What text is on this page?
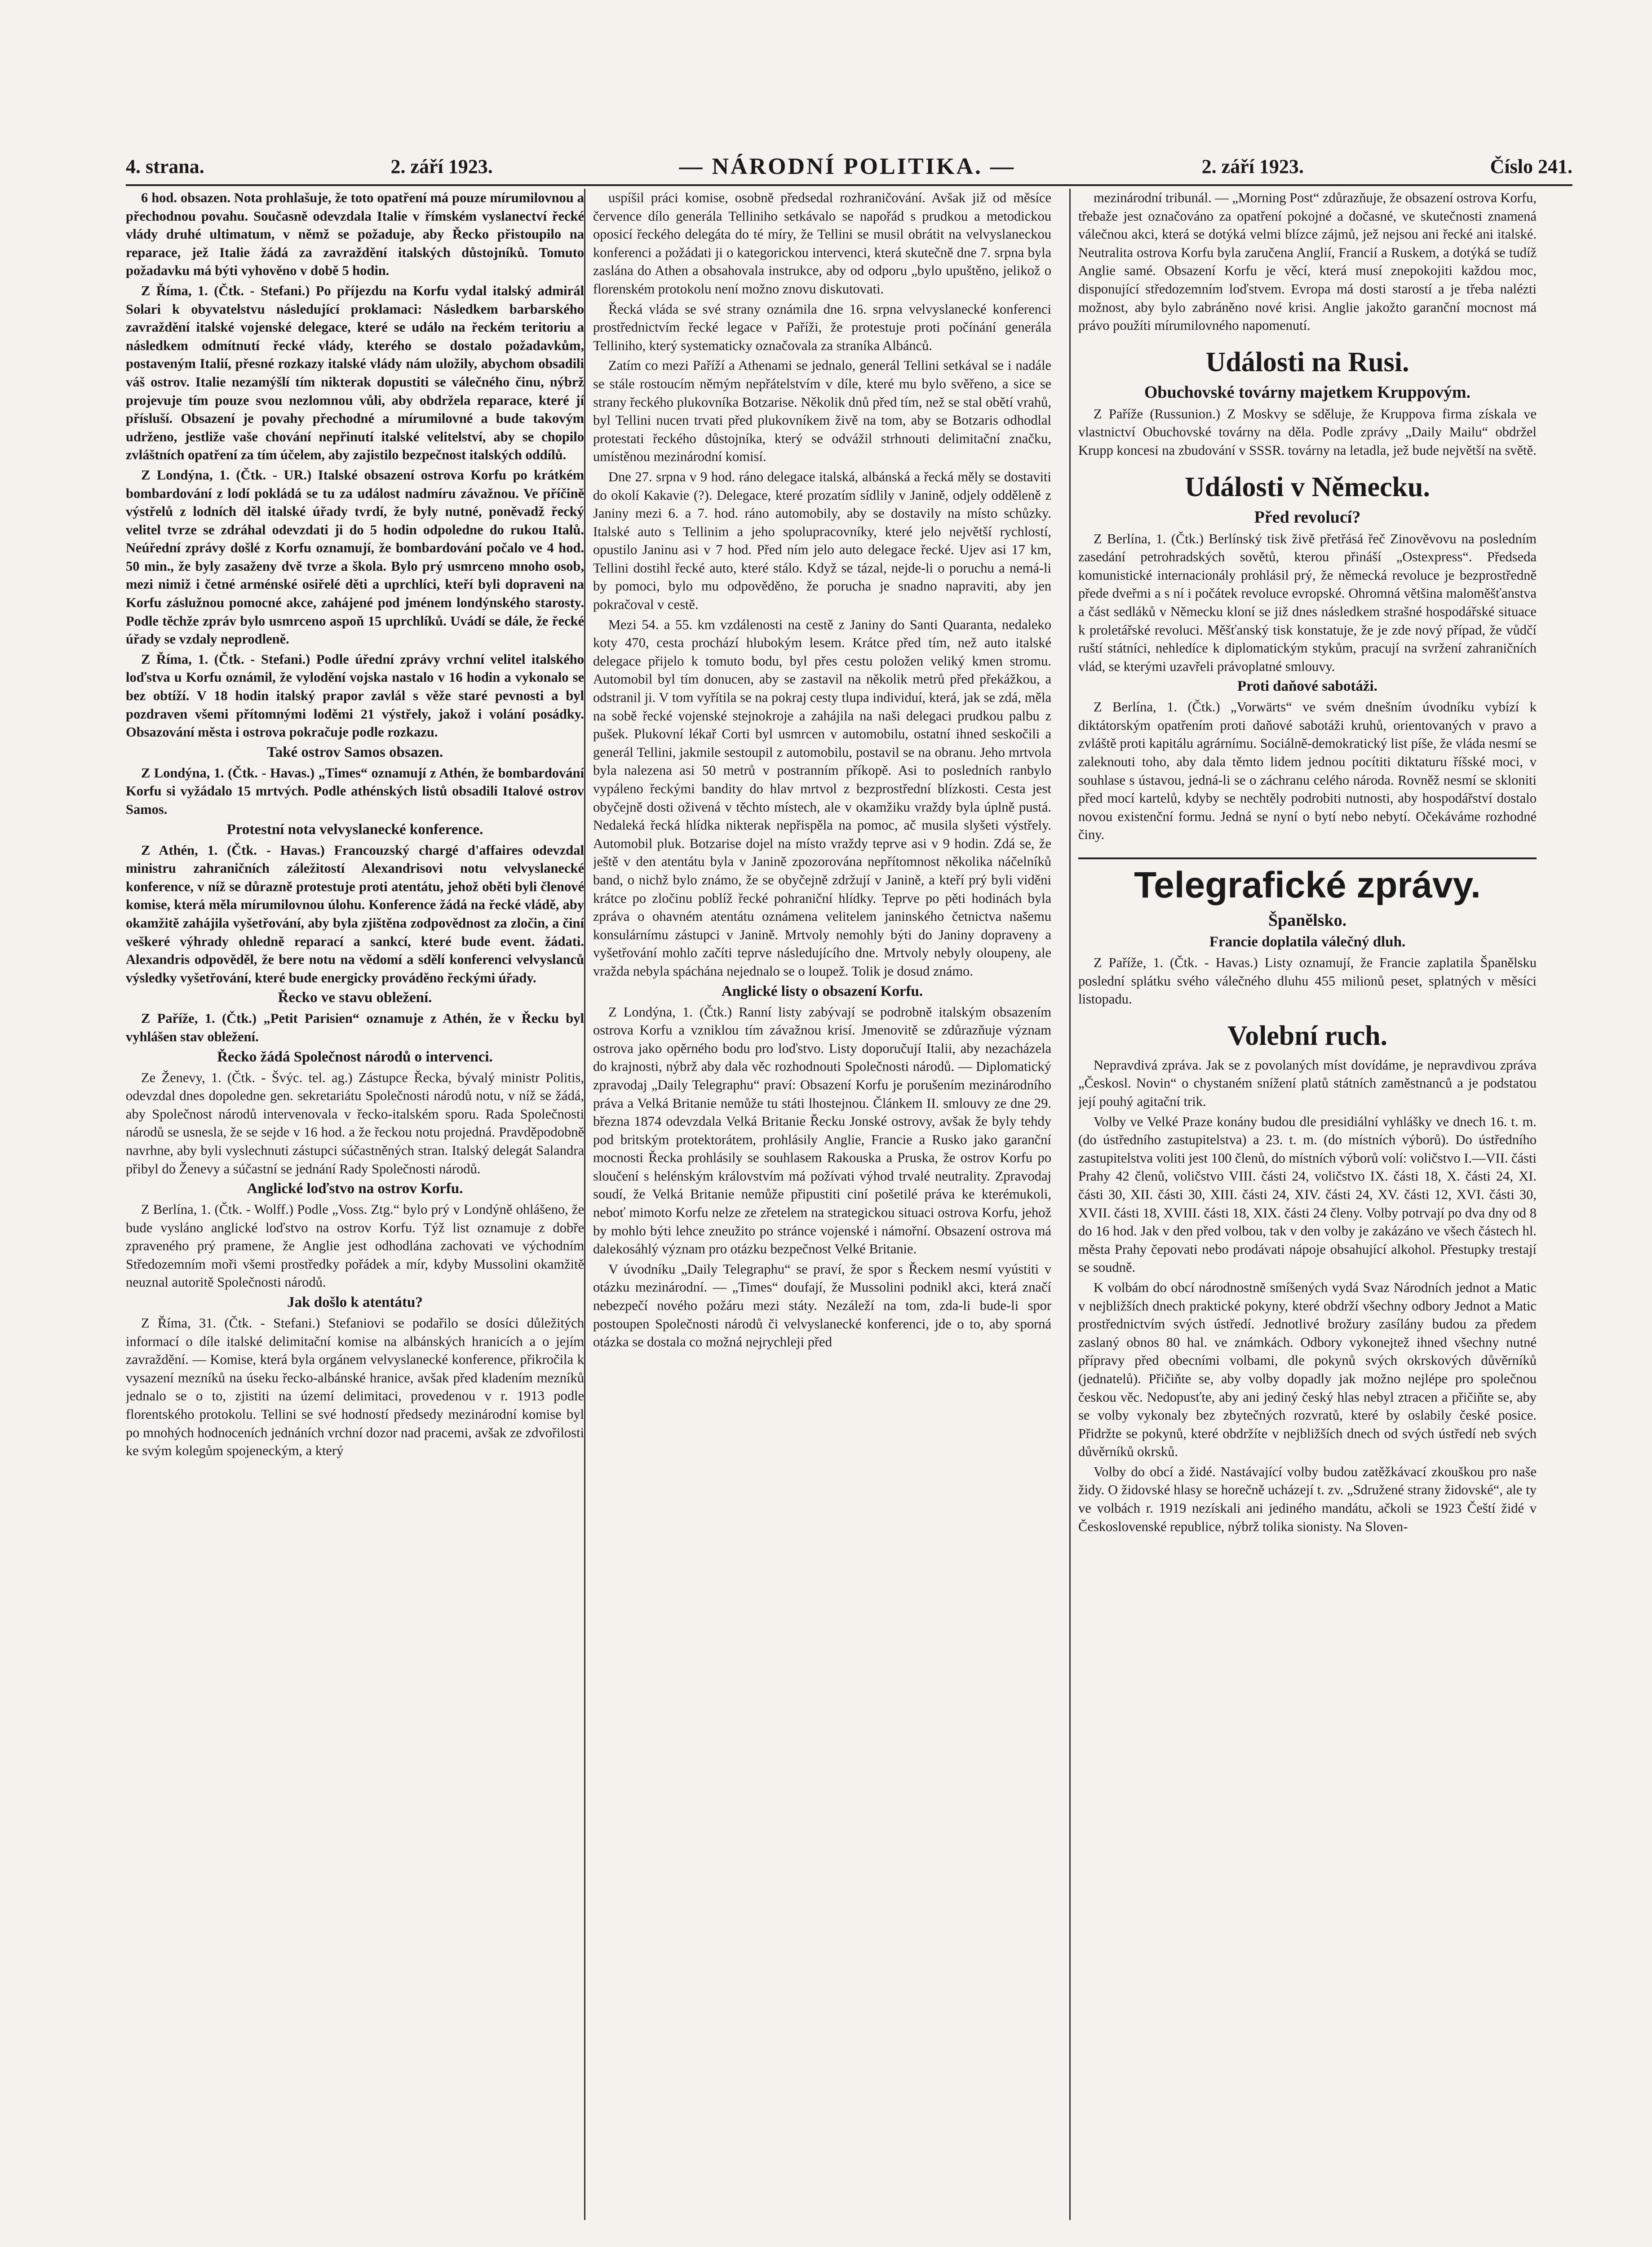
4. strana.	2. září 1923.	— NÁRODNÍ POLITIKA. —	2. září 1923.	Číslo 241.

6 hod. obsazen. Nota prohlašuje, že toto opatření má pouze mírumilovnou a přechodnou povahu. Současně odevzdala Italie v římském vyslanectví řecké vlády druhé ultimatum, v němž se požaduje, aby Řecko přistoupilo na reparace, jež Italie žádá za zavraždění italských důstojníků. Tomuto požadavku má býti vyhověno v době 5 hodin.

Z Říma, 1. (Čtk. - Stefani.) Po příjezdu na Korfu vydal italský admirál Solari k obyvatelstvu následující proklamaci: Následkem barbarského zavraždění italské vojenské delegace, které se událo na řeckém teritoriu a následkem odmítnutí řecké vlády, kterého se dostalo požadavkům, postaveným Italií, přesné rozkazy italské vlády nám uložily, abychom obsadili váš ostrov. Italie nezamýšlí tím nikterak dopustiti se válečného činu, nýbrž projevuje tím pouze svou nezlomnou vůli, aby obdržela reparace, které jí přísluší. Obsazení je povahy přechodné a mírumilovné a bude takovým udrženo, jestliže vaše chování nepřinutí italské velitelství, aby se chopilo zvláštních opatření za tím účelem, aby zajistilo bezpečnost italských oddílů.

Z Londýna, 1. (Čtk. - UR.) Italské obsazení ostrova Korfu po krátkém bombardování z lodí pokládá se tu za událost nadmíru závažnou. Ve příčině výstřelů z lodních děl italské úřady tvrdí, že byly nutné, poněvadž řecký velitel tvrze se zdráhal odevzdati ji do 5 hodin odpoledne do rukou Italů. Neúřední zprávy došlé z Korfu oznamují, že bombardování počalo ve 4 hod. 50 min., že byly zasaženy dvě tvrze a škola. Bylo prý usmrceno mnoho osob, mezi nimiž i četné arménské osiřelé děti a uprchlíci, kteří byli dopraveni na Korfu záslužnou pomocné akce, zahájené pod jménem londýnského starosty. Podle těchže zpráv bylo usmrceno aspoň 15 uprchlíků. Uvádí se dále, že řecké úřady se vzdaly neprodleně.

Z Říma, 1. (Čtk. - Stefani.) Podle úřední zprávy vrchní velitel italského loďstva u Korfu oznámil, že vylodění vojska nastalo v 16 hodin a vykonalo se bez obtíží. V 18 hodin italský prapor zavlál s věže staré pevnosti a byl pozdraven všemi přítomnými loděmi 21 výstřely, jakož i volání posádky. Obsazování města i ostrova pokračuje podle rozkazu.

Také ostrov Samos obsazen.

Z Londýna, 1. (Čtk. - Havas.) „Times“ oznamují z Athén, že bombardování Korfu si vyžádalo 15 mrtvých. Podle athénských listů obsadili Italové ostrov Samos.

Protestní nota velvyslanecké konference.

Z Athén, 1. (Čtk. - Havas.) Francouzský chargé d'affaires odevzdal ministru zahraničních záležitostí Alexandrisovi notu velvyslanecké konference, v níž se důrazně protestuje proti atentátu, jehož oběti byli členové komise, která měla mírumilovnou úlohu. Konference žádá na řecké vládě, aby okamžitě zahájila vyšetřování, aby byla zjištěna zodpovědnost za zločin, a činí veškeré výhrady ohledně reparací a sankcí, které bude event. žádati. Alexandris odpověděl, že bere notu na vědomí a sdělí konferenci velvyslanců výsledky vyšetřování, které bude energicky prováděno řeckými úřady.

Řecko ve stavu obležení.

Z Paříže, 1. (Čtk.) „Petit Parisien“ oznamuje z Athén, že v Řecku byl vyhlášen stav obležení.

Řecko žádá Společnost národů o intervenci.

Ze Ženevy, 1. (Čtk. - Švýc. tel. ag.) Zástupce Řecka, bývalý ministr Politis, odevzdal dnes dopoledne gen. sekretariátu Společnosti národů notu, v níž se žádá, aby Společnost národů intervenovala v řecko-italském sporu. Rada Společnosti národů se usnesla, že se sejde v 16 hod. a že řeckou notu projedná. Pravděpodobně navrhne, aby byli vyslechnuti zástupci súčastněných stran. Italský delegát Salandra přibyl do Ženevy a súčastní se jednání Rady Společnosti národů.

Anglické loďstvo na ostrov Korfu.

Z Berlína, 1. (Čtk. - Wolff.) Podle „Voss. Ztg.“ bylo prý v Londýně ohlášeno, že bude vysláno anglické loďstvo na ostrov Korfu. Týž list oznamuje z dobře zpraveného prý pramene, že Anglie jest odhodlána zachovati ve východním Středozemním moři všemi prostředky pořádek a mír, kdyby Mussolini okamžitě neuznal autoritě Společnosti národů.

Jak došlo k atentátu?

Z Říma, 31. (Čtk. - Stefani.) Stefaniovi se podařilo se dosíci důležitých informací o díle italské delimitační komise na albánských hranicích a o jejím zavraždění. — Komise, která byla orgánem velvyslanecké konference, přikročila k vysazení mezníků na úseku řecko-albánské hranice, avšak před kladením mezníků jednalo se o to, zjistiti na území delimitaci, provedenou v r. 1913 podle florentského protokolu. Tellini se své hodností předsedy mezinárodní komise byl po mnohých hodnoceních jednáních vrchní dozor nad pracemi, avšak ze zdvořilosti ke svým kolegům spojeneckým, a který

uspíšil práci komise, osobně předsedal rozhraničování. Avšak již od měsíce července dílo generála Telliniho setkávalo se napořád s prudkou a metodickou oposicí řeckého delegáta do té míry, že Tellini se musil obrátit na velvyslaneckou konferenci a požádati ji o kategorickou intervenci, která skutečně dne 7. srpna byla zaslána do Athen a obsahovala instrukce, aby od odporu „bylo upuštěno, jelikož o florenském protokolu není možno znovu diskutovati.

Řecká vláda se své strany oznámila dne 16. srpna velvyslanecké konferenci prostřednictvím řecké legace v Paříži, že protestuje proti počínání generála Telliniho, který systematicky označovala za straníka Albánců.

Zatím co mezi Paříží a Athenami se jednalo, generál Tellini setkával se i nadále se stále rostoucím němým nepřátelstvím v díle, které mu bylo svěřeno, a sice se strany řeckého plukovníka Botzarise. Několik dnů před tím, než se stal obětí vrahů, byl Tellini nucen trvati před plukovníkem živě na tom, aby se Botzaris odhodlal protestati řeckého důstojníka, který se odvážil strhnouti delimitační značku, umístěnou mezinárodní komisí.

Dne 27. srpna v 9 hod. ráno delegace italská, albánská a řecká měly se dostaviti do okolí Kakavie (?). Delegace, které prozatím sídlily v Janině, odjely odděleně z Janiny mezi 6. a 7. hod. ráno automobily, aby se dostavily na místo schůzky. Italské auto s Tellinim a jeho spolupracovníky, které jelo největší rychlostí, opustilo Janinu asi v 7 hod. Před ním jelo auto delegace řecké. Ujev asi 17 km, Tellini dostihl řecké auto, které stálo. Když se tázal, nejde-li o poruchu a nemá-li by pomoci, bylo mu odpověděno, že porucha je snadno napraviti, aby jen pokračoval v cestě.

Mezi 54. a 55. km vzdálenosti na cestě z Janiny do Santi Quaranta, nedaleko koty 470, cesta prochází hlubokým lesem. Krátce před tím, než auto italské delegace přijelo k tomuto bodu, byl přes cestu položen veliký kmen stromu. Automobil byl tím donucen, aby se zastavil na několik metrů před překážkou, a odstranil ji. V tom vyřítila se na pokraj cesty tlupa individuí, která, jak se zdá, měla na sobě řecké vojenské stejnokroje a zahájila na naši delegaci prudkou palbu z pušek. Plukovní lékař Corti byl usmrcen v automobilu, ostatní ihned seskočili a generál Tellini, jakmile sestoupil z automobilu, postavil se na obranu. Jeho mrtvola byla nalezena asi 50 metrů v postranním příkopě. Asi to posledních ranbylo vypáleno řeckými bandity do hlav mrtvol z bezprostřední blízkosti. Cesta jest obyčejně dosti oživená v těchto místech, ale v okamžiku vraždy byla úplně pustá. Nedaleká řecká hlídka nikterak nepřispěla na pomoc, ač musila slyšeti výstřely. Automobil pluk. Botzarise dojel na místo vraždy teprve asi v 9 hodin. Zdá se, že ještě v den atentátu byla v Janině zpozorována nepřítomnost několika náčelníků band, o nichž bylo známo, že se obyčejně zdržují v Janině, a kteří prý byli viděni krátce po zločinu poblíž řecké pohraniční hlídky. Teprve po pěti hodinách byla zpráva o ohavném atentátu oznámena velitelem janinského četnictva našemu konsulárnímu zástupci v Janině. Mrtvoly nemohly býti do Janiny dopraveny a vyšetřování mohlo začíti teprve následujícího dne. Mrtvoly nebyly oloupeny, ale vražda nebyla spáchána nejednalo se o loupež. Tolik je dosud známo.

Anglické listy o obsazení Korfu.

Z Londýna, 1. (Čtk.) Ranní listy zabývají se podrobně italským obsazením ostrova Korfu a vzniklou tím závažnou krisí. Jmenovitě se zdůrazňuje význam ostrova jako opěrného bodu pro loďstvo. Listy doporučují Italii, aby nezacházela do krajnosti, nýbrž aby dala věc rozhodnouti Společnosti národů. — Diplomatický zpravodaj „Daily Telegraphu“ praví: Obsazení Korfu je porušením mezinárodního práva a Velká Britanie nemůže tu státi lhostejnou. Článkem II. smlouvy ze dne 29. března 1874 odevzdala Velká Britanie Řecku Jonské ostrovy, avšak že byly tehdy pod britským protektorátem, prohlásily Anglie, Francie a Rusko jako garanční mocnosti Řecka prohlásily se souhlasem Rakouska a Pruska, že ostrov Korfu po sloučení s helénským královstvím má požívati výhod trvalé neutrality. Zpravodaj soudí, že Velká Britanie nemůže připustiti ciní pošetilé práva ke kterémukoli, neboť mimoto Korfu nelze ze zřetelem na strategickou situaci ostrova Korfu, jehož by mohlo býti lehce zneužito po stránce vojenské i námořní. Obsazení ostrova má dalekosáhlý význam pro otázku bezpečnost Velké Britanie.

V úvodníku „Daily Telegraphu“ se praví, že spor s Řeckem nesmí vyústiti v otázku mezinárodní. — „Times“ doufají, že Mussolini podnikl akci, která značí nebezpečí nového požáru mezi státy. Nezáleží na tom, zda-li bude-li spor postoupen Společnosti národů či velvyslanecké konferenci, jde o to, aby sporná otázka se dostala co možná nejrychleji před

mezinárodní tribunál. — „Morning Post“ zdůrazňuje, že obsazení ostrova Korfu, třebaže jest označováno za opatření pokojné a dočasné, ve skutečnosti znamená válečnou akci, která se dotýká velmi blízce zájmů, jež nejsou ani řecké ani italské. Neutralita ostrova Korfu byla zaručena Anglií, Francií a Ruskem, a dotýká se tudíž Anglie samé. Obsazení Korfu je věcí, která musí znepokojiti každou moc, disponující středozemním loďstvem. Evropa má dosti starostí a je třeba nalézti možnost, aby bylo zabráněno nové krisi. Anglie jakožto garanční mocnost má právo použíti mírumilovného napomenutí.

Události na Rusi.
Obuchovské továrny majetkem Kruppovým.

Z Paříže (Russunion.) Z Moskvy se sděluje, že Kruppova firma získala ve vlastnictví Obuchovské továrny na děla. Podle zprávy „Daily Mailu“ obdržel Krupp koncesi na zbudování v SSSR. továrny na letadla, jež bude největší na světě.

Události v Německu.
Před revolucí?

Z Berlína, 1. (Čtk.) Berlínský tisk živě přetřásá řeč Zinověvovu na posledním zasedání petrohradských sovětů, kterou přináší „Ostexpress“. Předseda komunistické internacionály prohlásil prý, že německá revoluce je bezprostředně přede dveřmi a s ní i počátek revoluce evropské. Ohromná většina maloměšťanstva a část sedláků v Německu kloní se již dnes následkem strašné hospodářské situace k proletářské revoluci. Měšťanský tisk konstatuje, že je zde nový případ, že vůdčí ruští státníci, nehledíce k diplomatickým stykům, pracují na svržení zahraničních vlád, se kterými uzavřeli právoplatné smlouvy.

Proti daňové sabotáži.

Z Berlína, 1. (Čtk.) „Vorwärts“ ve svém dnešním úvodníku vybízí k diktátorským opatřením proti daňové sabotáži kruhů, orientovaných v pravo a zvláště proti kapitálu agrárnímu. Sociálně-demokratický list píše, že vláda nesmí se zaleknouti toho, aby dala těmto lidem jednou pocítiti diktaturu říšské moci, v souhlase s ústavou, jedná-li se o záchranu celého národa. Rovněž nesmí se skloniti před mocí kartelů, kdyby se nechtěly podrobiti nutnosti, aby hospodářství dostalo novou existenční formu. Jedná se nyní o bytí nebo nebytí. Očekáváme rozhodné činy.

Telegrafické zprávy.
Španělsko.
Francie doplatila válečný dluh.

Z Paříže, 1. (Čtk. - Havas.) Listy oznamují, že Francie zaplatila Španělsku poslední splátku svého válečného dluhu 455 milionů peset, splatných v měsíci listopadu.

Volební ruch.

Nepravdivá zpráva. Jak se z povolaných míst dovídáme, je nepravdivou zpráva „Českosl. Novin“ o chystaném snížení platů státních zaměstnanců a je podstatou její pouhý agitační trik.

Volby ve Velké Praze konány budou dle presidiální vyhlášky ve dnech 16. t. m. (do ústředního zastupitelstva) a 23. t. m. (do místních výborů). Do ústředního zastupitelstva voliti jest 100 členů, do místních výborů volí: voličstvo I.—VII. části Prahy 42 členů, voličstvo VIII. části 24, voličstvo IX. části 18, X. části 24, XI. části 30, XII. části 30, XIII. části 24, XIV. části 24, XV. části 12, XVI. části 30, XVII. části 18, XVIII. části 18, XIX. části 24 členy. Volby potrvají po dva dny od 8 do 16 hod. Jak v den před volbou, tak v den volby je zakázáno ve všech částech hl. města Prahy čepovati nebo prodávati nápoje obsahující alkohol. Přestupky trestají se soudně.

K volbám do obcí národnostně smíšených vydá Svaz Národních jednot a Matic v nejbližších dnech praktické pokyny, které obdrží všechny odbory Jednot a Matic prostřednictvím svých ústředí. Jednotlivé brožury zasílány budou za předem zaslaný obnos 80 hal. ve známkách. Odbory vykonejtež ihned všechny nutné přípravy před obecními volbami, dle pokynů svých okrskových důvěrníků (jednatelů). Přičiňte se, aby volby dopadly jak možno nejlépe pro společnou českou věc. Nedopusťte, aby ani jediný český hlas nebyl ztracen a přičiňte se, aby se volby vykonaly bez zbytečných rozvratů, které by oslabily české posice. Přidržte se pokynů, které obdržíte v nejbližších dnech od svých ústředí neb svých důvěrníků okrsků.

Volby do obcí a židé. Nastávající volby budou zatěžkávací zkouškou pro naše židy. O židovské hlasy se horečně ucházejí t. zv. „Sdružené strany židovské“, ale ty ve volbách r. 1919 nezískali ani jediného mandátu, ačkoli se 1923 Čeští židé v Československé republice, nýbrž tolika sionisty. Na Sloven-
